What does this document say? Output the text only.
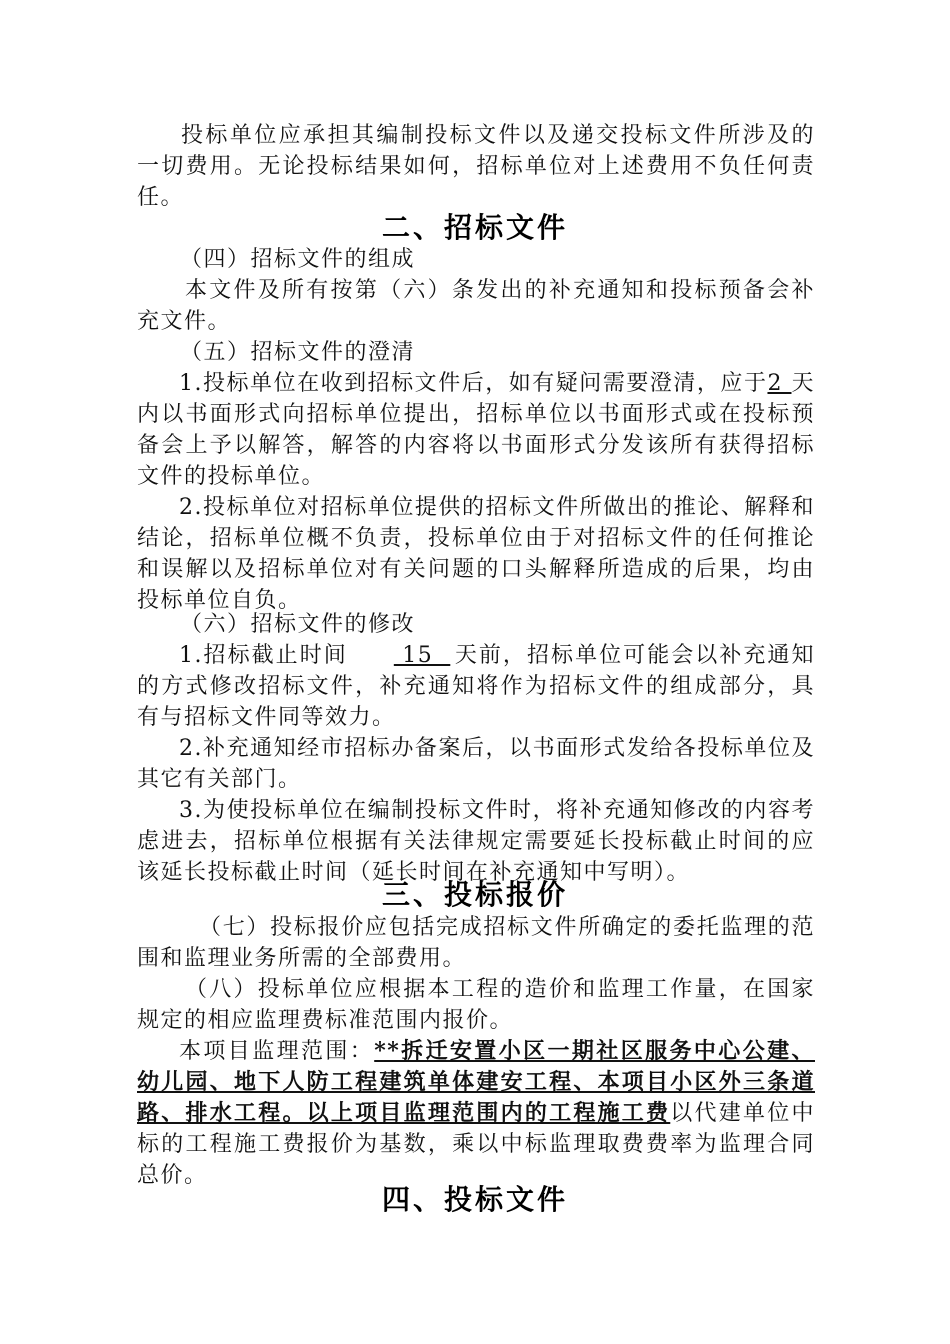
投标单位应承担其编制投标文件以及递交投标文件所涉及的一切费用。无论投标结果如何，招标单位对上述费用不负任何责任。

二、招标文件

（四）招标文件的组成

本文件及所有按第（六）条发出的补充通知和投标预备会补充文件。

（五）招标文件的澄清

1.投标单位在收到招标文件后，如有疑问需要澄清，应于2 天内以书面形式向招标单位提出，招标单位以书面形式或在投标预备会上予以解答，解答的内容将以书面形式分发该所有获得招标文件的投标单位。

2.投标单位对招标单位提供的招标文件所做出的推论、解释和结论，招标单位概不负责，投标单位由于对招标文件的任何推论和误解以及招标单位对有关问题的口头解释所造成的后果，均由投标单位自负。

（六）招标文件的修改

1.招标截止时间 15  天前，招标单位可能会以补充通知的方式修改招标文件，补充通知将作为招标文件的组成部分，具有与招标文件同等效力。

2.补充通知经市招标办备案后，以书面形式发给各投标单位及其它有关部门。

3.为使投标单位在编制投标文件时，将补充通知修改的内容考虑进去，招标单位根据有关法律规定需要延长投标截止时间的应该延长投标截止时间（延长时间在补充通知中写明）。

三、投标报价

（七）投标报价应包括完成招标文件所确定的委托监理的范围和监理业务所需的全部费用。

（八）投标单位应根据本工程的造价和监理工作量，在国家规定的相应监理费标准范围内报价。

本项目监理范围：**拆迁安置小区一期社区服务中心公建、幼儿园、地下人防工程建筑单体建安工程、本项目小区外三条道路、排水工程。以上项目监理范围内的工程施工费以代建单位中标的工程施工费报价为基数，乘以中标监理取费费率为监理合同总价。

四、投标文件
